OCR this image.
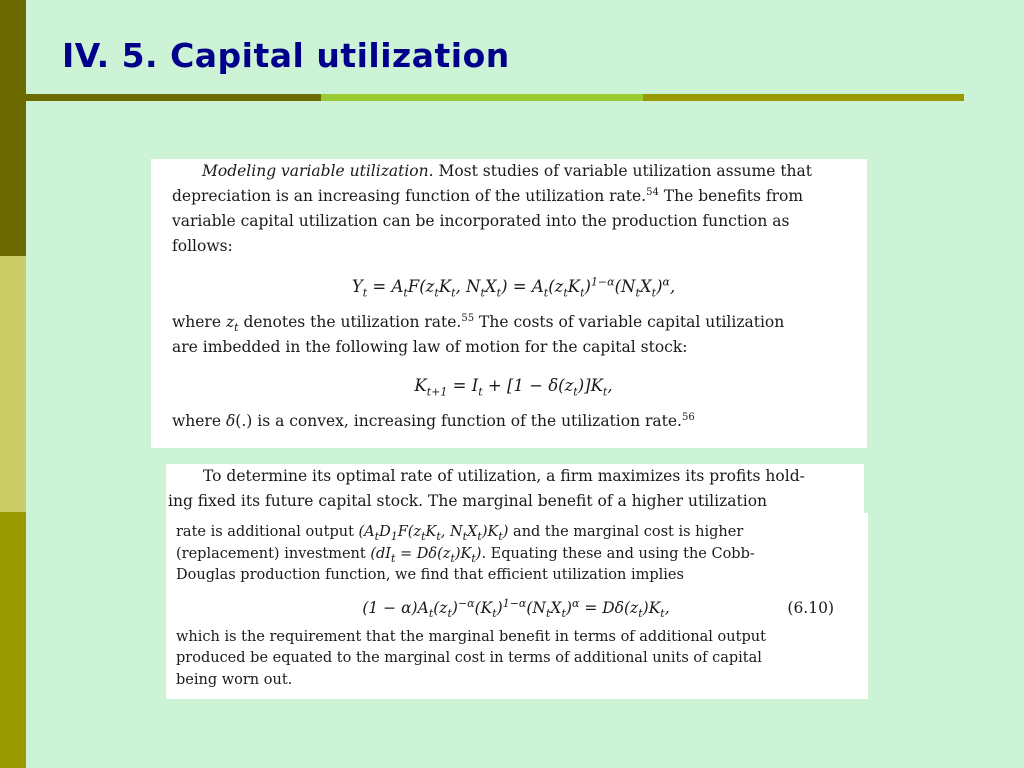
IV. 5. Capital utilization
Modeling variable utilization. Most studies of variable utilization assume that
depreciation is an increasing function of the utilization rate.$^{54}$ The benefits from
variable capital utilization can be incorporated into the production function as
follows:
$Y_t = A_tF(z_tK_t$, $N_tX_t) = A_t(z_tK_t)^{1-\alpha}(N_tX_t)^\alpha$,
where $z_t$ denotes the utilization rate.$^{55}$ The costs of variable capital utilization
are imbedded in the following law of motion for the capital stock:
$K_{t+1} = I_t + [1 - \delta(z_t)]K_t$,
where δ(.) is a convex, increasing function of the utilization rate.$^{56}$
To determine its optimal rate of utilization, a firm maximizes its profits hold-
ing fixed its future capital stock. The marginal benefit of a higher utilization
rate is additional output ($A_tD_1F(z_tK_t$, $N_tX_t)K_t$) and the marginal cost is higher
(replacement) investment $(dI_t = D\delta(z_t)K_t)$. Equating these and using the Cobb-
Douglas production function, we find that efficient utilization implies
$(1 - \alpha)A_t(z_t)^{-\alpha}(K_t)^{1-\alpha}(N_tX_t)^\alpha = D\delta(z_t)K_t$,	(6.10)
which is the requirement that the marginal benefit in terms of additional output
produced be equated to the marginal cost in terms of additional units of capital
being worn out.
